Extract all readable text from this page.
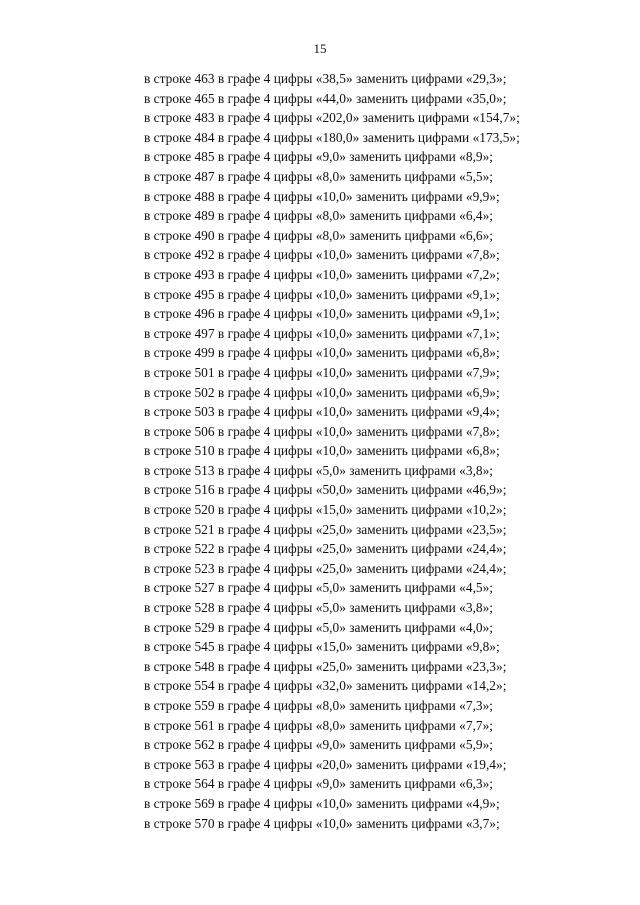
15
в строке 463 в графе 4 цифры «38,5» заменить цифрами «29,3»;
в строке 465 в графе 4 цифры «44,0» заменить цифрами «35,0»;
в строке 483 в графе 4 цифры «202,0» заменить цифрами «154,7»;
в строке 484 в графе 4 цифры «180,0» заменить цифрами «173,5»;
в строке 485 в графе 4 цифры «9,0» заменить цифрами «8,9»;
в строке 487 в графе 4 цифры «8,0» заменить цифрами «5,5»;
в строке 488 в графе 4 цифры «10,0» заменить цифрами «9,9»;
в строке 489 в графе 4 цифры «8,0» заменить цифрами «6,4»;
в строке 490 в графе 4 цифры «8,0» заменить цифрами «6,6»;
в строке 492 в графе 4 цифры «10,0» заменить цифрами «7,8»;
в строке 493 в графе 4 цифры «10,0» заменить цифрами «7,2»;
в строке 495 в графе 4 цифры «10,0» заменить цифрами «9,1»;
в строке 496 в графе 4 цифры «10,0» заменить цифрами «9,1»;
в строке 497 в графе 4 цифры «10,0» заменить цифрами «7,1»;
в строке 499 в графе 4 цифры «10,0» заменить цифрами «6,8»;
в строке 501 в графе 4 цифры «10,0» заменить цифрами «7,9»;
в строке 502 в графе 4 цифры «10,0» заменить цифрами «6,9»;
в строке 503 в графе 4 цифры «10,0» заменить цифрами «9,4»;
в строке 506 в графе 4 цифры «10,0» заменить цифрами «7,8»;
в строке 510 в графе 4 цифры «10,0» заменить цифрами «6,8»;
в строке 513 в графе 4 цифры «5,0» заменить цифрами «3,8»;
в строке 516 в графе 4 цифры «50,0» заменить цифрами «46,9»;
в строке 520 в графе 4 цифры «15,0» заменить цифрами «10,2»;
в строке 521 в графе 4 цифры «25,0» заменить цифрами «23,5»;
в строке 522 в графе 4 цифры «25,0» заменить цифрами «24,4»;
в строке 523 в графе 4 цифры «25,0» заменить цифрами «24,4»;
в строке 527 в графе 4 цифры «5,0» заменить цифрами «4,5»;
в строке 528 в графе 4 цифры «5,0» заменить цифрами «3,8»;
в строке 529 в графе 4 цифры «5,0» заменить цифрами «4,0»;
в строке 545 в графе 4 цифры «15,0» заменить цифрами «9,8»;
в строке 548 в графе 4 цифры «25,0» заменить цифрами «23,3»;
в строке 554 в графе 4 цифры «32,0» заменить цифрами «14,2»;
в строке 559 в графе 4 цифры «8,0» заменить цифрами «7,3»;
в строке 561 в графе 4 цифры «8,0» заменить цифрами «7,7»;
в строке 562 в графе 4 цифры «9,0» заменить цифрами «5,9»;
в строке 563 в графе 4 цифры «20,0» заменить цифрами «19,4»;
в строке 564 в графе 4 цифры «9,0» заменить цифрами «6,3»;
в строке 569 в графе 4 цифры «10,0» заменить цифрами «4,9»;
в строке 570 в графе 4 цифры «10,0» заменить цифрами «3,7»;
